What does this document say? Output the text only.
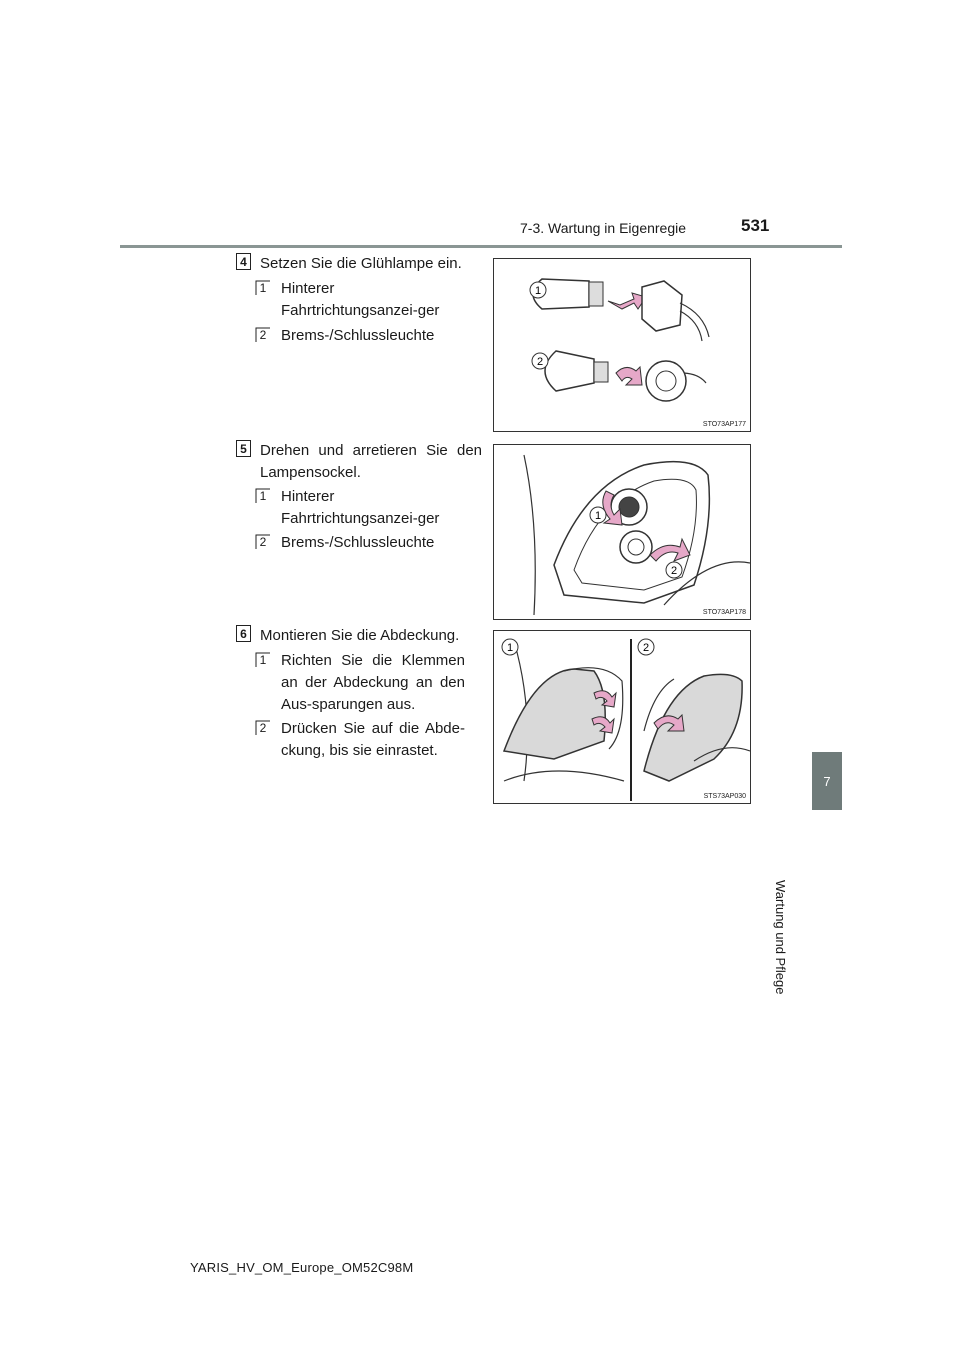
7-3. Wartung in Eigenregie	531
7
Wartung und Pflege
4 Setzen Sie die Glühlampe ein.
1 Hinterer Fahrtrichtungsanzei-ger
2 Brems-/Schlussleuchte
1
2
STO73AP177
5 Drehen und arretieren Sie den Lampensockel.
1 Hinterer Fahrtrichtungsanzei-ger
2 Brems-/Schlussleuchte
1
2
STO73AP178
6 Montieren Sie die Abdeckung.
1 Richten Sie die Klemmen an der Abdeckung an den Aus-sparungen aus.
2 Drücken Sie auf die Abde-ckung, bis sie einrastet.
1	2
STS73AP030
YARIS_HV_OM_Europe_OM52C98M
